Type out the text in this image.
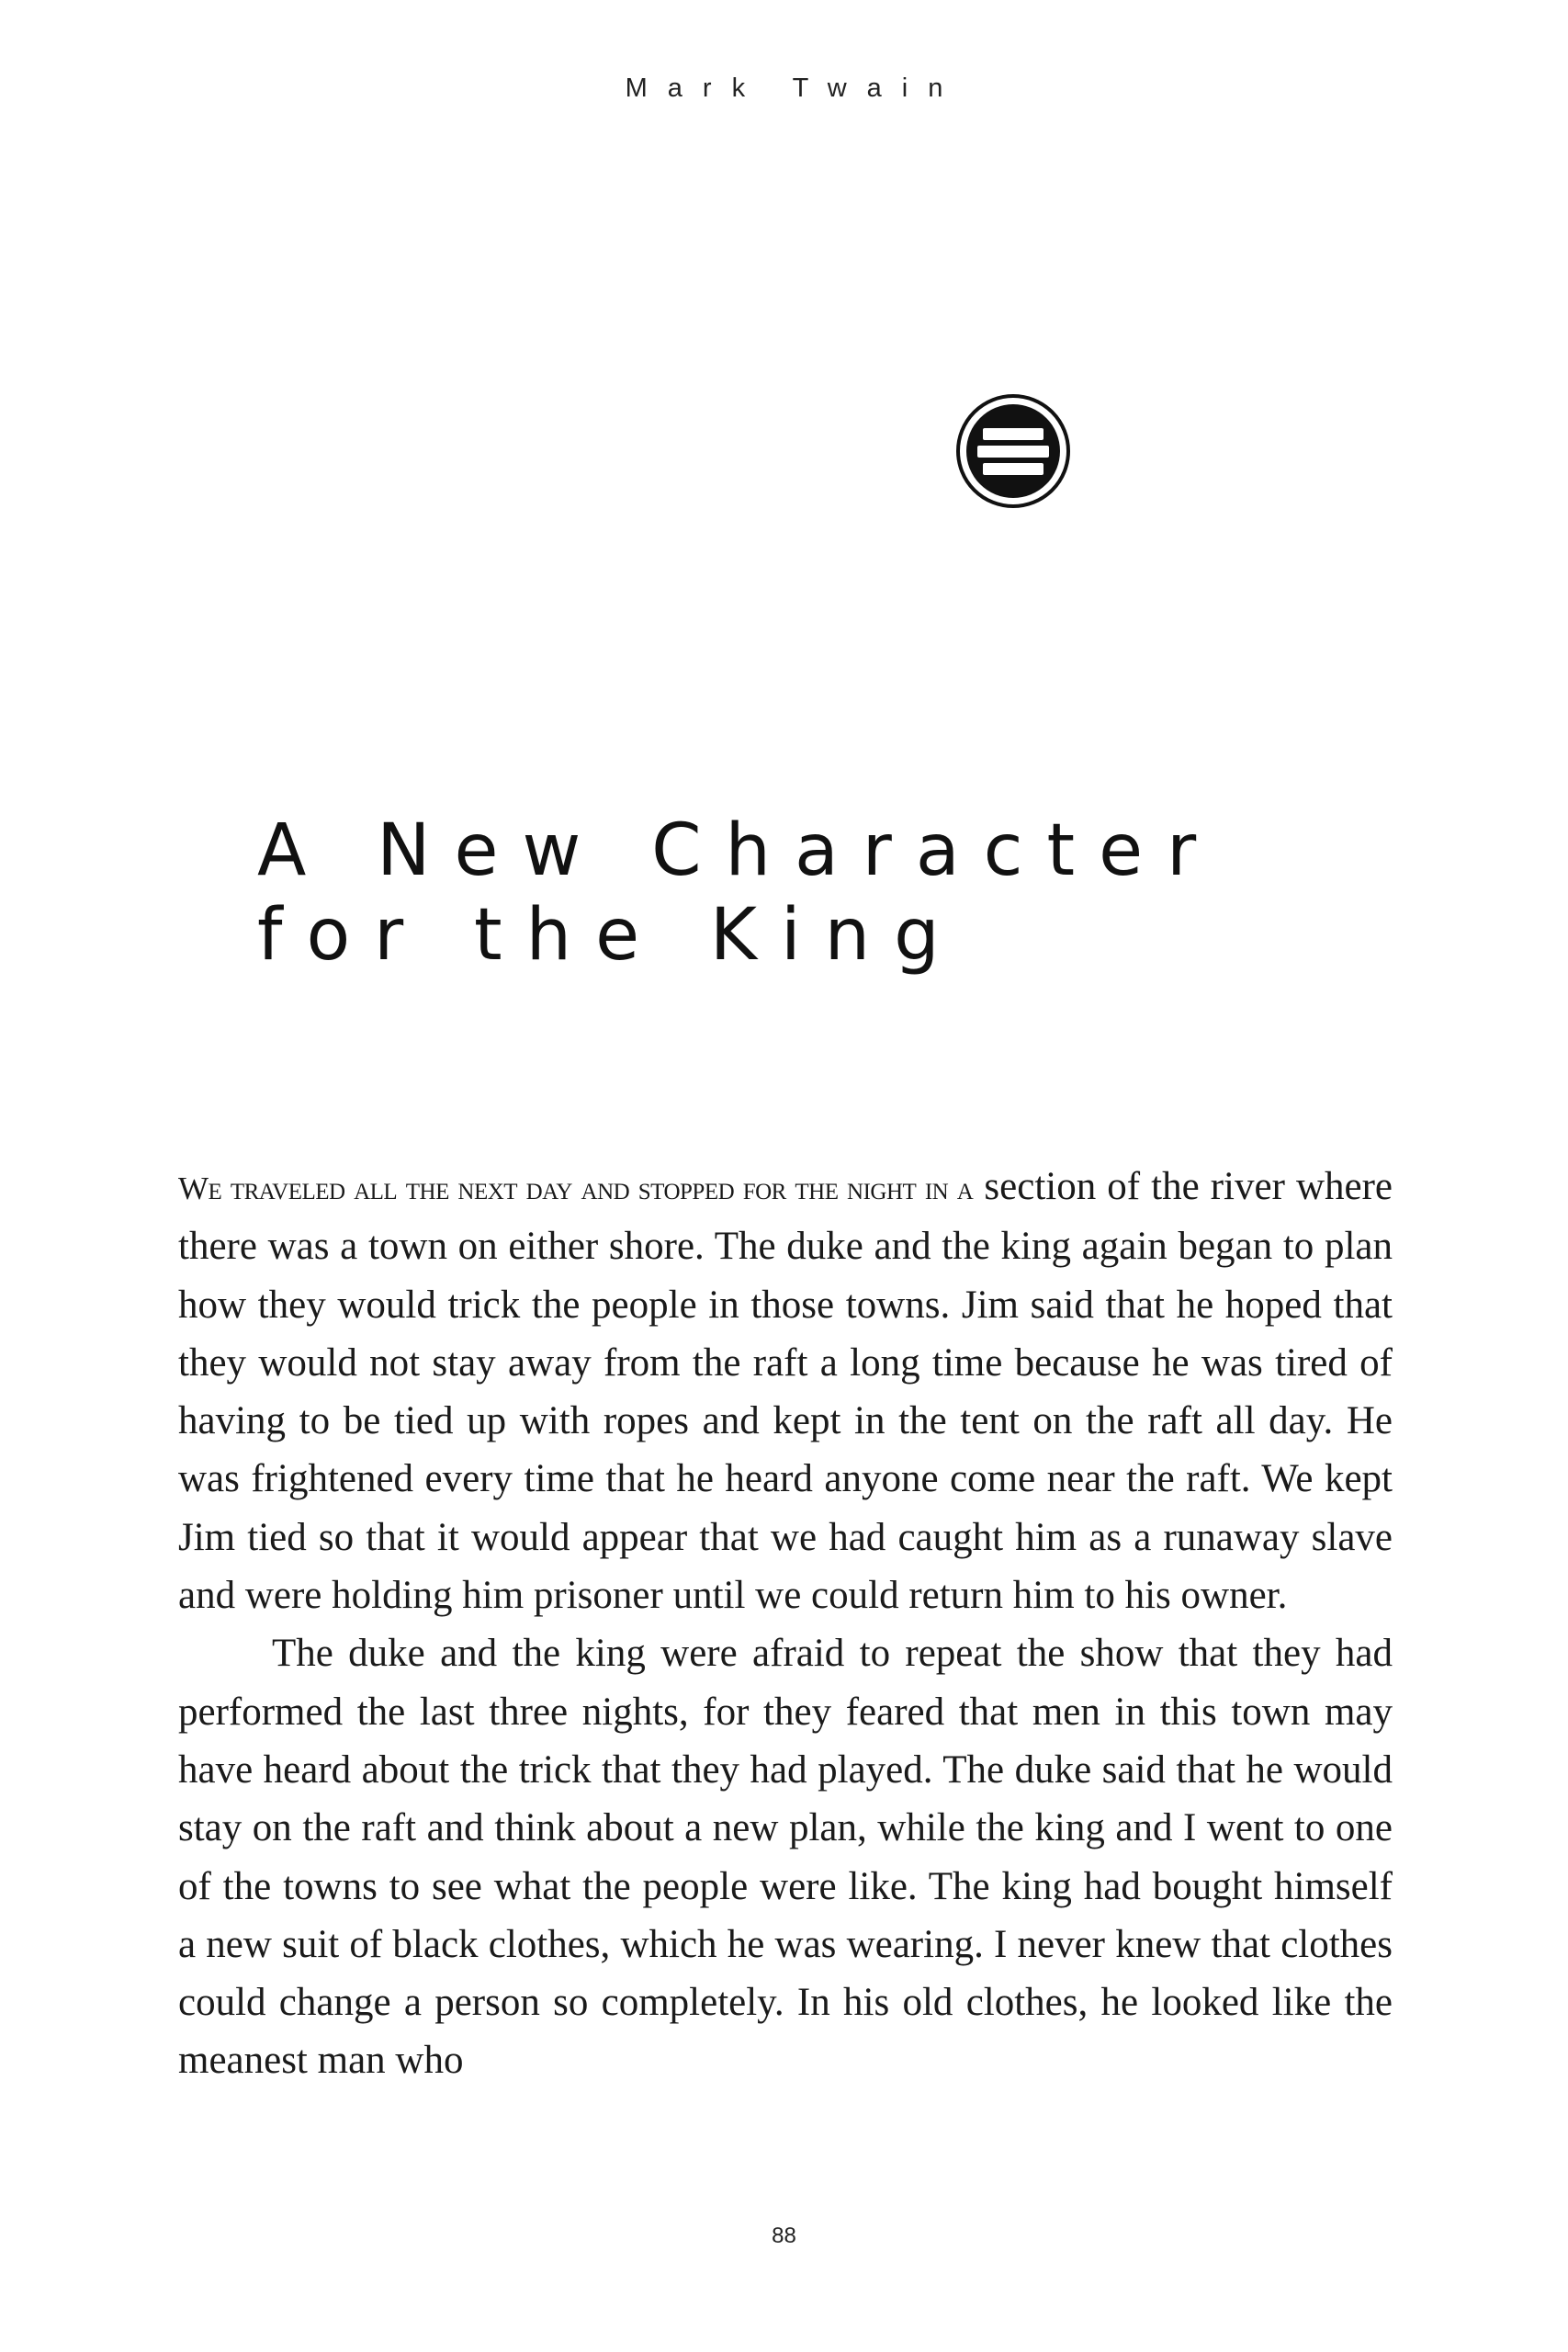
Mark Twain
A New Character
for the King

We traveled all the next day and stopped for the night in a section of the river where there was a town on either shore. The duke and the king again began to plan how they would trick the people in those towns. Jim said that he hoped that they would not stay away from the raft a long time because he was tired of having to be tied up with ropes and kept in the tent on the raft all day. He was frightened every time that he heard anyone come near the raft. We kept Jim tied so that it would appear that we had caught him as a runaway slave and were holding him prisoner until we could return him to his owner.

The duke and the king were afraid to repeat the show that they had performed the last three nights, for they feared that men in this town may have heard about the trick that they had played. The duke said that he would stay on the raft and think about a new plan, while the king and I went to one of the towns to see what the people were like. The king had bought himself a new suit of black clothes, which he was wearing. I never knew that clothes could change a person so completely. In his old clothes, he looked like the meanest man who

88
